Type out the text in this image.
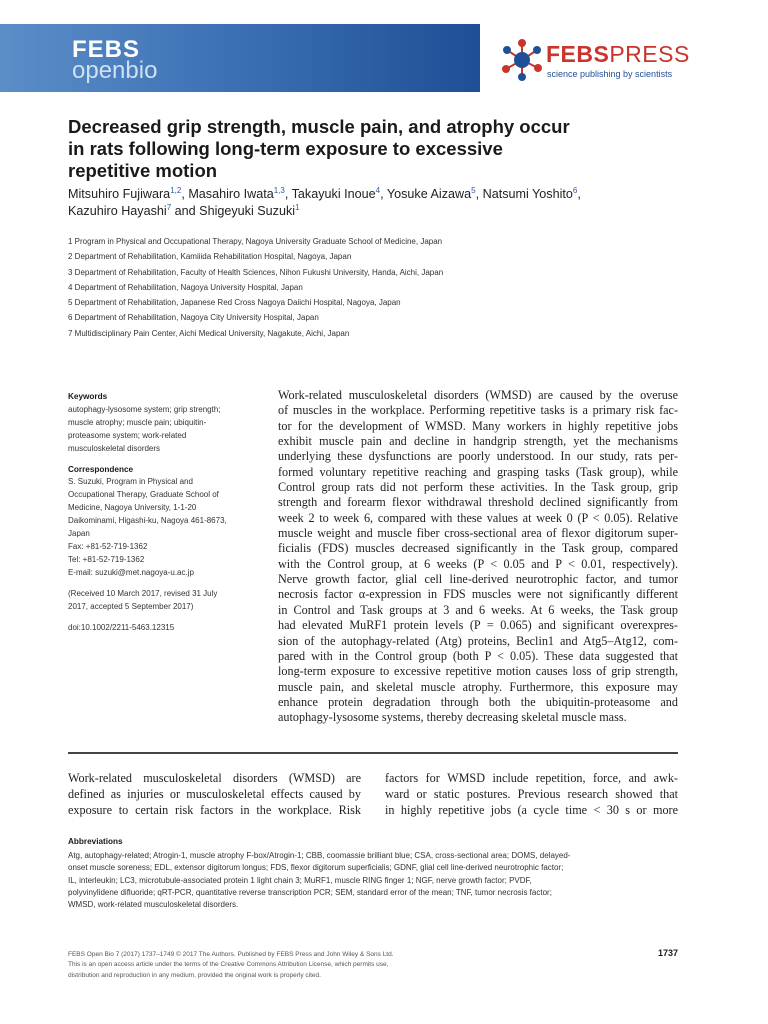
FEBS
openbio
FEBSPRESS
science publishing by scientists
Decreased grip strength, muscle pain, and atrophy occur
in rats following long-term exposure to excessive
repetitive motion
Mitsuhiro Fujiwara$^{1,2}$, Masahiro Iwata$^{1,3}$, Takayuki Inoue$^4$, Yosuke Aizawa$^5$, Natsumi Yoshito$^6$,
Kazuhiro Hayashi$^7$ and Shigeyuki Suzuki$^1$
1 Program in Physical and Occupational Therapy, Nagoya University Graduate School of Medicine, Japan
2 Department of Rehabilitation, Kamiiida Rehabilitation Hospital, Nagoya, Japan
3 Department of Rehabilitation, Faculty of Health Sciences, Nihon Fukushi University, Handa, Aichi, Japan
4 Department of Rehabilitation, Nagoya University Hospital, Japan
5 Department of Rehabilitation, Japanese Red Cross Nagoya Daiichi Hospital, Nagoya, Japan
6 Department of Rehabilitation, Nagoya City University Hospital, Japan
7 Multidisciplinary Pain Center, Aichi Medical University, Nagakute, Aichi, Japan
Keywords
autophagy-lysosome system; grip strength;
muscle atrophy; muscle pain; ubiquitin-
proteasome system; work-related
musculoskeletal disorders
Correspondence
S. Suzuki, Program in Physical and
Occupational Therapy, Graduate School of
Medicine, Nagoya University, 1-1-20
Daikominami, Higashi-ku, Nagoya 461-8673,
Japan
Fax: +81-52-719-1362
Tel: +81-52-719-1362
E-mail: suzuki@met.nagoya-u.ac.jp
(Received 10 March 2017, revised 31 July
2017, accepted 5 September 2017)
doi:10.1002/2211-5463.12315
Work-related musculoskeletal disorders (WMSD) are caused by the overuse
of muscles in the workplace. Performing repetitive tasks is a primary risk fac-
tor for the development of WMSD. Many workers in highly repetitive jobs
exhibit muscle pain and decline in handgrip strength, yet the mechanisms
underlying these dysfunctions are poorly understood. In our study, rats per-
formed voluntary repetitive reaching and grasping tasks (Task group), while
Control group rats did not perform these activities. In the Task group, grip
strength and forearm flexor withdrawal threshold declined significantly from
week 2 to week 6, compared with these values at week 0 (P < 0.05). Relative
muscle weight and muscle fiber cross-sectional area of flexor digitorum super-
ficialis (FDS) muscles decreased significantly in the Task group, compared
with the Control group, at 6 weeks (P < 0.05 and P < 0.01, respectively).
Nerve growth factor, glial cell line-derived neurotrophic factor, and tumor
necrosis factor α-expression in FDS muscles were not significantly different
in Control and Task groups at 3 and 6 weeks. At 6 weeks, the Task group
had elevated MuRF1 protein levels (P = 0.065) and significant overexpres-
sion of the autophagy-related (Atg) proteins, Beclin1 and Atg5–Atg12, com-
pared with in the Control group (both P < 0.05). These data suggested that
long-term exposure to excessive repetitive motion causes loss of grip strength,
muscle pain, and skeletal muscle atrophy. Furthermore, this exposure may
enhance protein degradation through both the ubiquitin-proteasome and
autophagy-lysosome systems, thereby decreasing skeletal muscle mass.
Work-related musculoskeletal disorders (WMSD) are
defined as injuries or musculoskeletal effects caused by
exposure to certain risk factors in the workplace. Risk
factors for WMSD include repetition, force, and awk-
ward or static postures. Previous research showed that
in highly repetitive jobs (a cycle time < 30 s or more
Abbreviations
Atg, autophagy-related; Atrogin-1, muscle atrophy F-box/Atrogin-1; CBB, coomassie brilliant blue; CSA, cross-sectional area; DOMS, delayed-
onset muscle soreness; EDL, extensor digitorum longus; FDS, flexor digitorum superficialis; GDNF, glial cell line-derived neurotrophic factor;
IL, interleukin; LC3, microtubule-associated protein 1 light chain 3; MuRF1, muscle RING finger 1; NGF, nerve growth factor; PVDF,
polyvinylidene difluoride; qRT-PCR, quantitative reverse transcription PCR; SEM, standard error of the mean; TNF, tumor necrosis factor;
WMSD, work-related musculoskeletal disorders.
FEBS Open Bio 7 (2017) 1737–1749 © 2017 The Authors. Published by FEBS Press and John Wiley & Sons Ltd.
This is an open access article under the terms of the Creative Commons Attribution License, which permits use,
distribution and reproduction in any medium, provided the original work is properly cited.
1737
